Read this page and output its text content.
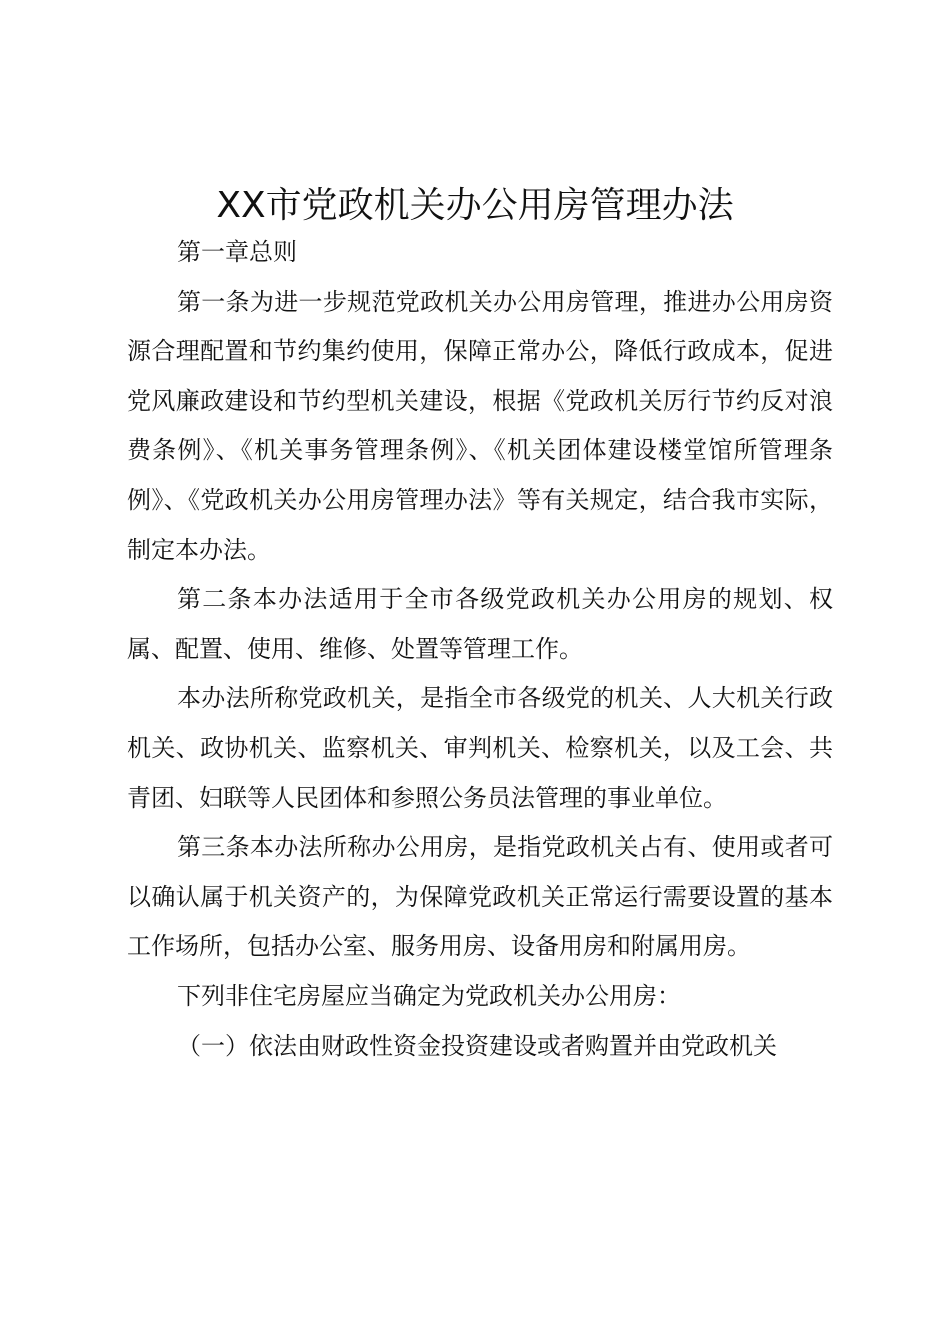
XX市党政机关办公用房管理办法

第一章总则

第一条为进一步规范党政机关办公用房管理，推进办公用房资源合理配置和节约集约使用，保障正常办公，降低行政成本，促进党风廉政建设和节约型机关建设，根据《党政机关厉行节约反对浪费条例》、《机关事务管理条例》、《机关团体建设楼堂馆所管理条例》、《党政机关办公用房管理办法》等有关规定，结合我市实际，制定本办法。

第二条本办法适用于全市各级党政机关办公用房的规划、权属、配置、使用、维修、处置等管理工作。

本办法所称党政机关，是指全市各级党的机关、人大机关行政机关、政协机关、监察机关、审判机关、检察机关，以及工会、共青团、妇联等人民团体和参照公务员法管理的事业单位。

第三条本办法所称办公用房，是指党政机关占有、使用或者可以确认属于机关资产的，为保障党政机关正常运行需要设置的基本工作场所，包括办公室、服务用房、设备用房和附属用房。

下列非住宅房屋应当确定为党政机关办公用房：

（一）依法由财政性资金投资建设或者购置并由党政机关
